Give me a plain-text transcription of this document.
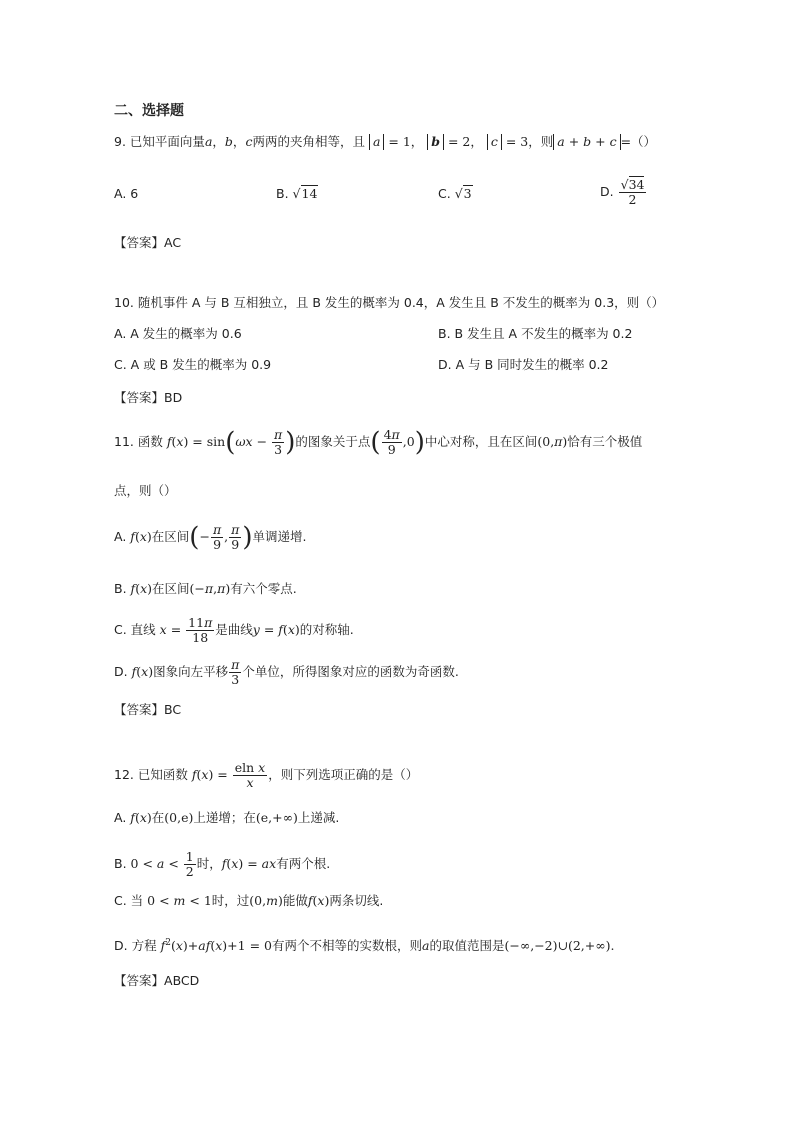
二、选择题
9. 已知平面向量a，b，c两两的夹角相等，且 a = 1， b = 2， c = 3，则 a + b + c =（）
A. 6	B. √14	C. √3	D. $\frac{√34}{2}$
【答案】AC
10. 随机事件 A 与 B 互相独立，且 B 发生的概率为 0.4，A 发生且 B 不发生的概率为 0.3，则（）
A. A 发生的概率为 0.6	B. B 发生且 A 不发生的概率为 0.2
C. A 或 B 发生的概率为 0.9	D. A 与 B 同时发生的概率 0.2
【答案】BD
11. 函数 $f(x) = \sin(\omega x - \frac{\pi}{3}$ )的图象关于点( $\frac{4\pi}{9} ,0$)中心对称，且在区间(0,π)恰有三个极值
点，则（）
A. f(x)在区间(− $\frac{\pi}{9}$ , $\frac{\pi}{9}$ )单调递增.
B. f(x)在区间(−π,π)有六个零点.
C. 直线 $x = \frac{11\pi}{18}$ 是曲线y = f(x)的对称轴.
D. f(x)图象向左平移 $\frac{\pi}{3}$ 个单位，所得图象对应的函数为奇函数.
【答案】BC
12. 已知函数 $f(x) = \frac{\text{eln x}}{x}$ ，则下列选项正确的是（）
A. f(x)在(0,e)上递增；在(e,+∞)上递减.
B. $0 < a < \frac{1}{2}$ 时，f(x) = ax有两个根.
C. 当 0 < m < 1时，过(0,m)能做f(x)两条切线.
D. 方程 $f^2(x)+af(x)+1 = 0$有两个不相等的实数根，则a的取值范围是(−∞,−2)∪(2,+∞).
【答案】ABCD
